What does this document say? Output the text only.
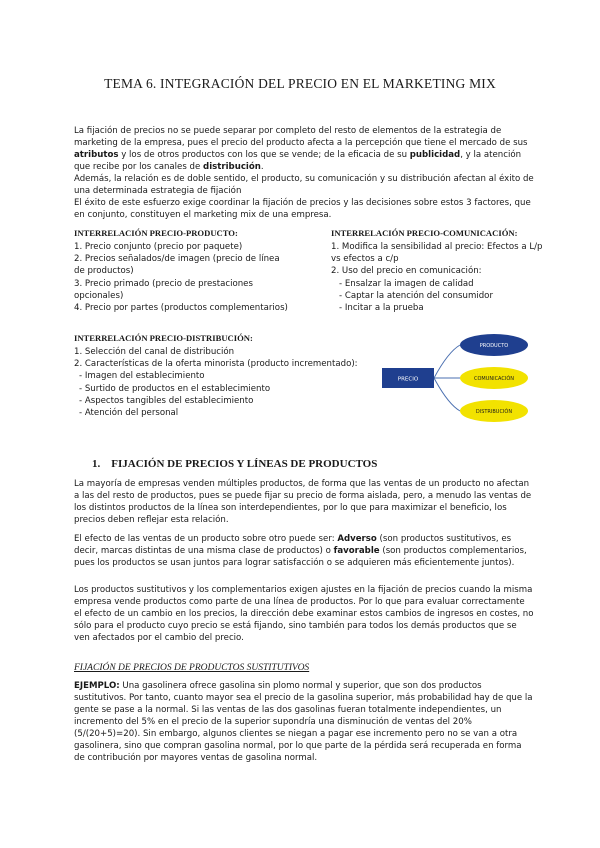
TEMA 6. INTEGRACIÓN DEL PRECIO EN EL MARKETING MIX

La fijación de precios no se puede separar por completo del resto de elementos de la estrategia de marketing de la empresa, pues el precio del producto afecta a la percepción que tiene el mercado de sus atributos y los de otros productos con los que se vende; de la eficacia de su publicidad, y la atención que recibe por los canales de distribución.

Además, la relación es de doble sentido, el producto, su comunicación y su distribución afectan al éxito de una determinada estrategia de fijación

El éxito de este esfuerzo exige coordinar la fijación de precios y las decisiones sobre estos 3 factores, que en conjunto, constituyen el marketing mix de una empresa.

INTERRELACIÓN PRECIO-PRODUCTO:
1. Precio conjunto (precio por paquete)
2. Precios señalados/de imagen (precio de línea
de productos)
3. Precio primado (precio de prestaciones
opcionales)
4. Precio por partes (productos complementarios)
INTERRELACIÓN PRECIO-COMUNICACIÓN:
1. Modifica la sensibilidad al precio: Efectos a L/p
vs efectos a c/p
2. Uso del precio en comunicación:
- Ensalzar la imagen de calidad
- Captar la atención del consumidor
- Incitar a la prueba
INTERRELACIÓN PRECIO-DISTRIBUCIÓN:
1. Selección del canal de distribución
2. Características de la oferta minorista (producto incrementado):
- Imagen del establecimiento
- Surtido de productos en el establecimiento
- Aspectos tangibles del establecimiento
- Atención del personal
PRECIO
PRODUCTO
COMUNICACIÓN
DISTRIBUCIÓN
1. FIJACIÓN DE PRECIOS Y LÍNEAS DE PRODUCTOS
La mayoría de empresas venden múltiples productos, de forma que las ventas de un producto no afectan a las del resto de productos, pues se puede fijar su precio de forma aislada, pero, a menudo las ventas de los distintos productos de la línea son interdependientes, por lo que para maximizar el beneficio, los precios deben reflejar esta relación.
El efecto de las ventas de un producto sobre otro puede ser: Adverso (son productos sustitutivos, es decir, marcas distintas de una misma clase de productos) o favorable (son productos complementarios, pues los productos se usan juntos para lograr satisfacción o se adquieren más eficientemente juntos).
Los productos sustitutivos y los complementarios exigen ajustes en la fijación de precios cuando la misma empresa vende productos como parte de una línea de productos. Por lo que para evaluar correctamente el efecto de un cambio en los precios, la dirección debe examinar estos cambios de ingresos en costes, no sólo para el producto cuyo precio se está fijando, sino también para todos los demás productos que se ven afectados por el cambio del precio.
FIJACIÓN DE PRECIOS DE PRODUCTOS SUSTITUTIVOS
EJEMPLO: Una gasolinera ofrece gasolina sin plomo normal y superior, que son dos productos sustitutivos. Por tanto, cuanto mayor sea el precio de la gasolina superior, más probabilidad hay de que la gente se pase a la normal. Si las ventas de las dos gasolinas fueran totalmente independientes, un incremento del 5% en el precio de la superior supondría una disminución de ventas del 20% (5/(20+5)=20). Sin embargo, algunos clientes se niegan a pagar ese incremento pero no se van a otra gasolinera, sino que compran gasolina normal, por lo que parte de la pérdida será recuperada en forma de contribución por mayores ventas de gasolina normal.
